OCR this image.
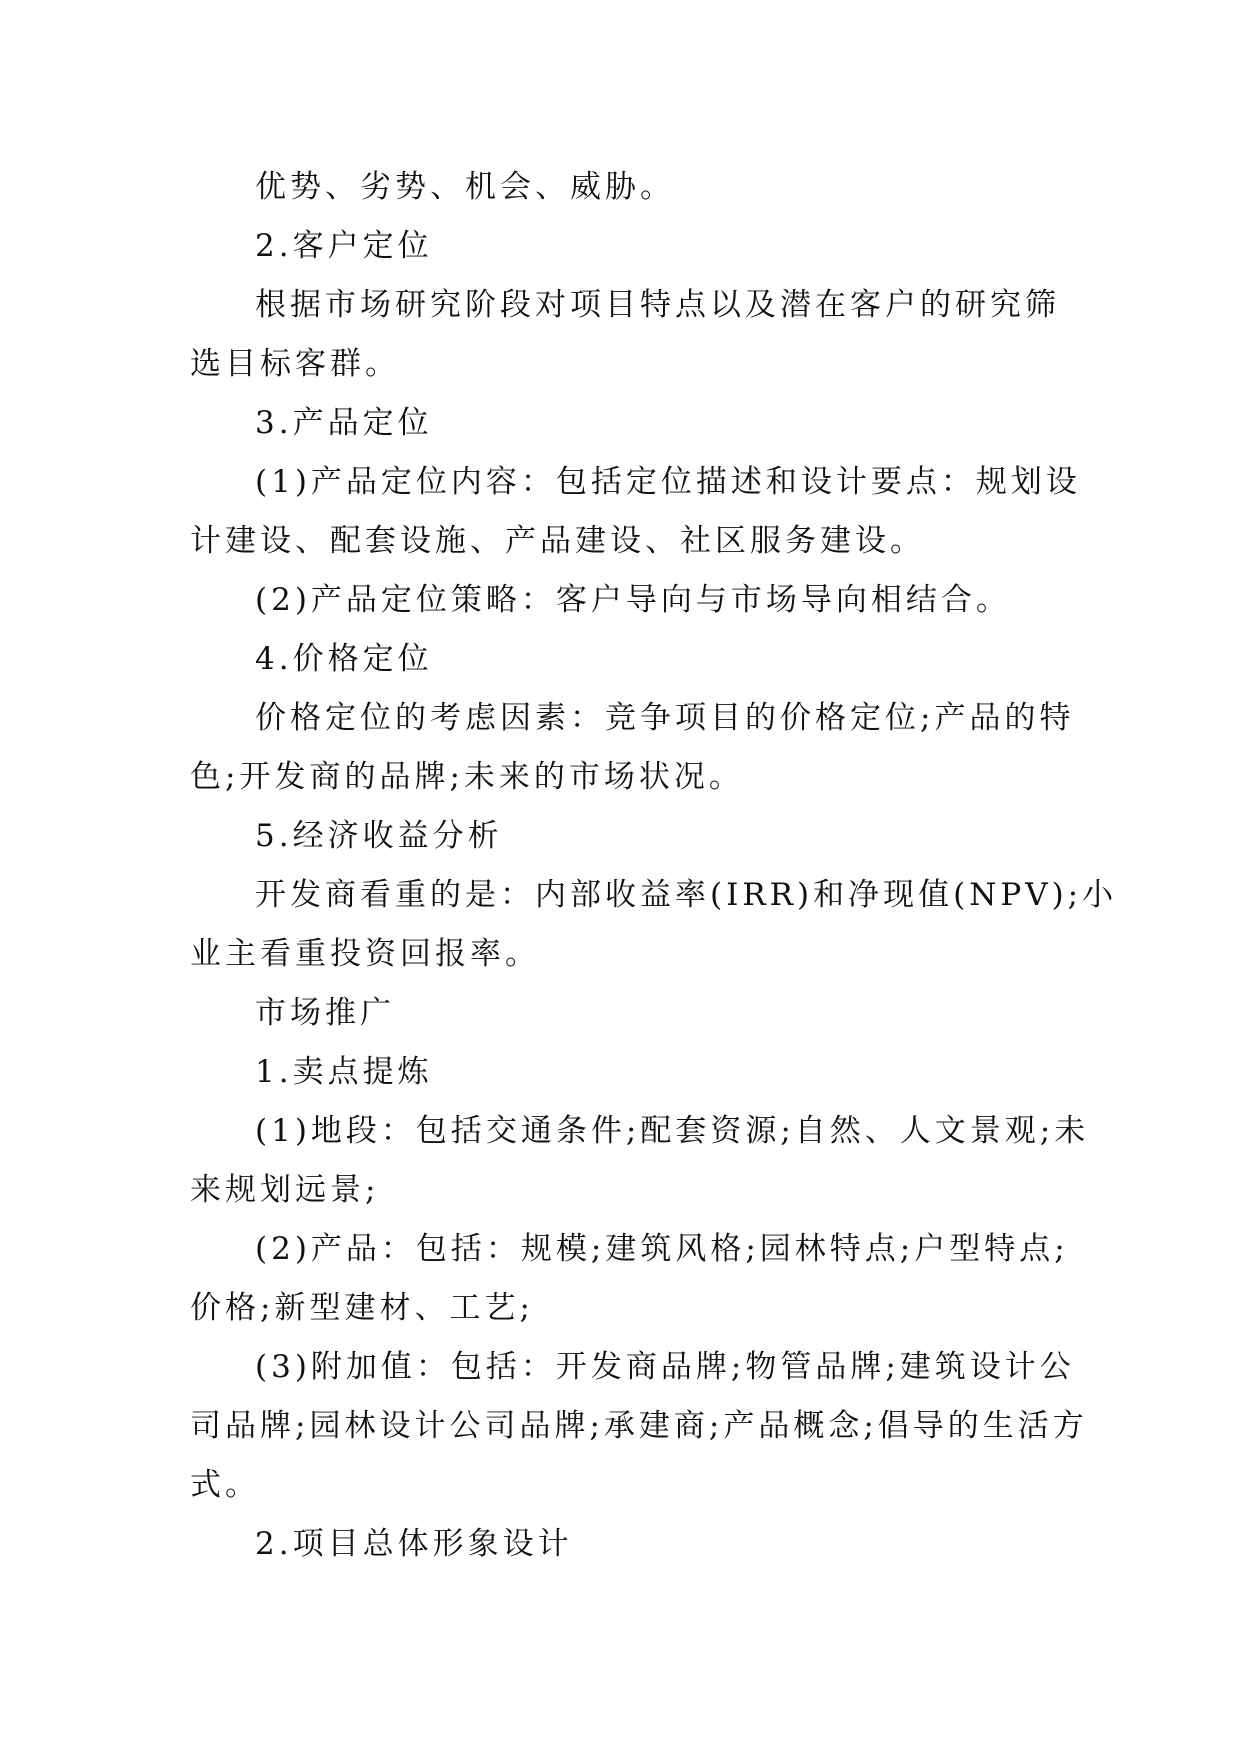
优势、劣势、机会、威胁。
2.客户定位
根据市场研究阶段对项目特点以及潜在客户的研究筛
选目标客群。
3.产品定位
(1)产品定位内容：包括定位描述和设计要点：规划设
计建设、配套设施、产品建设、社区服务建设。
(2)产品定位策略：客户导向与市场导向相结合。
4.价格定位
价格定位的考虑因素：竞争项目的价格定位;产品的特
色;开发商的品牌;未来的市场状况。
5.经济收益分析
开发商看重的是：内部收益率(IRR)和净现值(NPV);小
业主看重投资回报率。
市场推广
1.卖点提炼
(1)地段：包括交通条件;配套资源;自然、人文景观;未
来规划远景;
(2)产品：包括：规模;建筑风格;园林特点;户型特点;
价格;新型建材、工艺;
(3)附加值：包括：开发商品牌;物管品牌;建筑设计公
司品牌;园林设计公司品牌;承建商;产品概念;倡导的生活方
式。
2.项目总体形象设计
